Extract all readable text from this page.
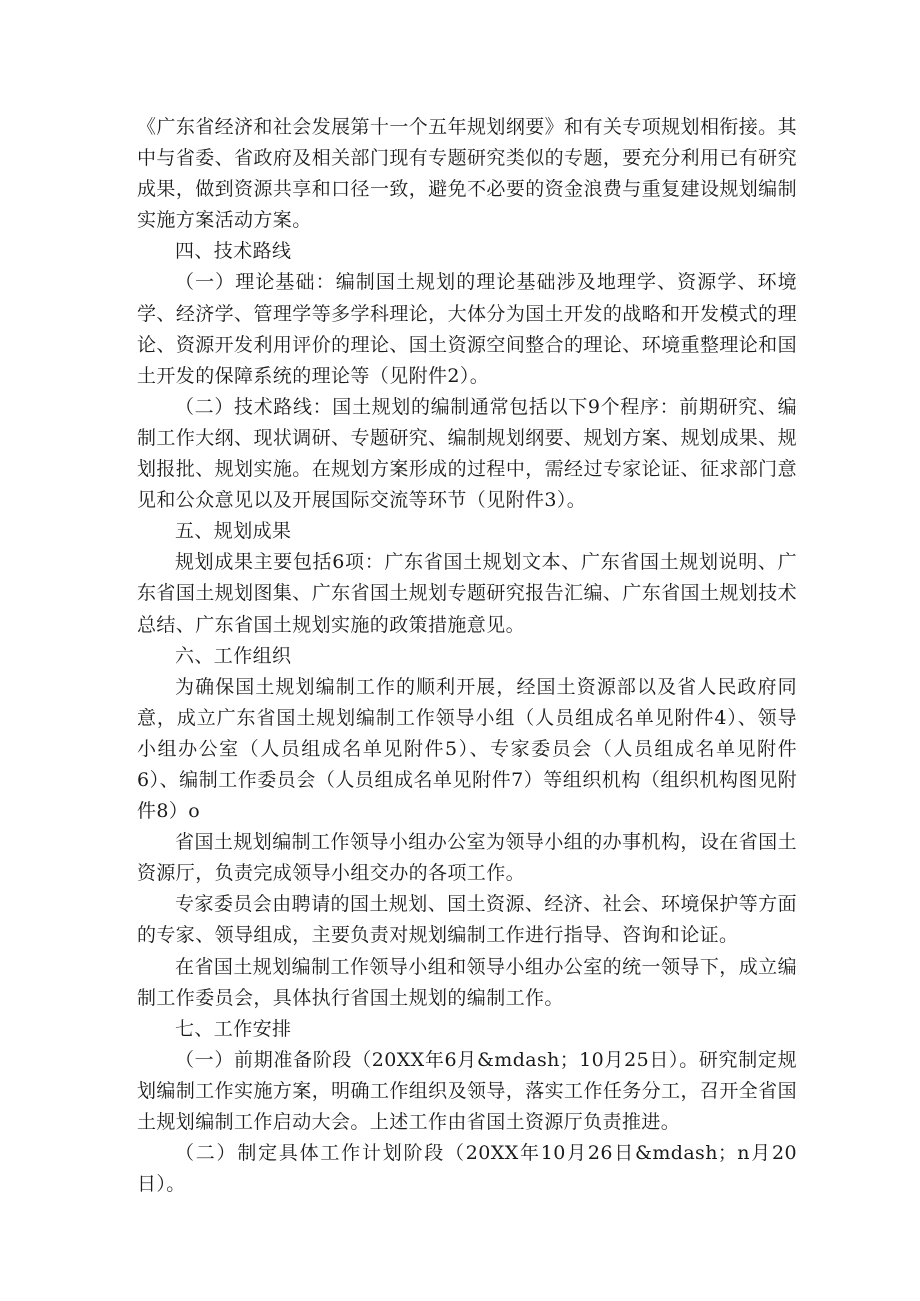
《广东省经济和社会发展第十一个五年规划纲要》和有关专项规划相衔接。其中与省委、省政府及相关部门现有专题研究类似的专题，要充分利用已有研究成果，做到资源共享和口径一致，避免不必要的资金浪费与重复建设规划编制实施方案活动方案。

四、技术路线

（一）理论基础：编制国土规划的理论基础涉及地理学、资源学、环境学、经济学、管理学等多学科理论，大体分为国土开发的战略和开发模式的理论、资源开发利用评价的理论、国土资源空间整合的理论、环境重整理论和国土开发的保障系统的理论等（见附件2）。

（二）技术路线：国土规划的编制通常包括以下9个程序：前期研究、编制工作大纲、现状调研、专题研究、编制规划纲要、规划方案、规划成果、规划报批、规划实施。在规划方案形成的过程中，需经过专家论证、征求部门意见和公众意见以及开展国际交流等环节（见附件3）。

五、规划成果

规划成果主要包括6项：广东省国土规划文本、广东省国土规划说明、广东省国土规划图集、广东省国土规划专题研究报告汇编、广东省国土规划技术总结、广东省国土规划实施的政策措施意见。

六、工作组织

为确保国土规划编制工作的顺利开展，经国土资源部以及省人民政府同意，成立广东省国土规划编制工作领导小组（人员组成名单见附件4）、领导小组办公室（人员组成名单见附件5）、专家委员会（人员组成名单见附件6）、编制工作委员会（人员组成名单见附件7）等组织机构（组织机构图见附件8）o

省国土规划编制工作领导小组办公室为领导小组的办事机构，设在省国土资源厅，负责完成领导小组交办的各项工作。

专家委员会由聘请的国土规划、国土资源、经济、社会、环境保护等方面的专家、领导组成，主要负责对规划编制工作进行指导、咨询和论证。

在省国土规划编制工作领导小组和领导小组办公室的统一领导下，成立编制工作委员会，具体执行省国土规划的编制工作。

七、工作安排

（一）前期准备阶段（20XX年6月&mdash；10月25日）。研究制定规划编制工作实施方案，明确工作组织及领导，落实工作任务分工，召开全省国土规划编制工作启动大会。上述工作由省国土资源厅负责推进。

（二）制定具体工作计划阶段（20XX年10月26日&mdash；n月20日）。
